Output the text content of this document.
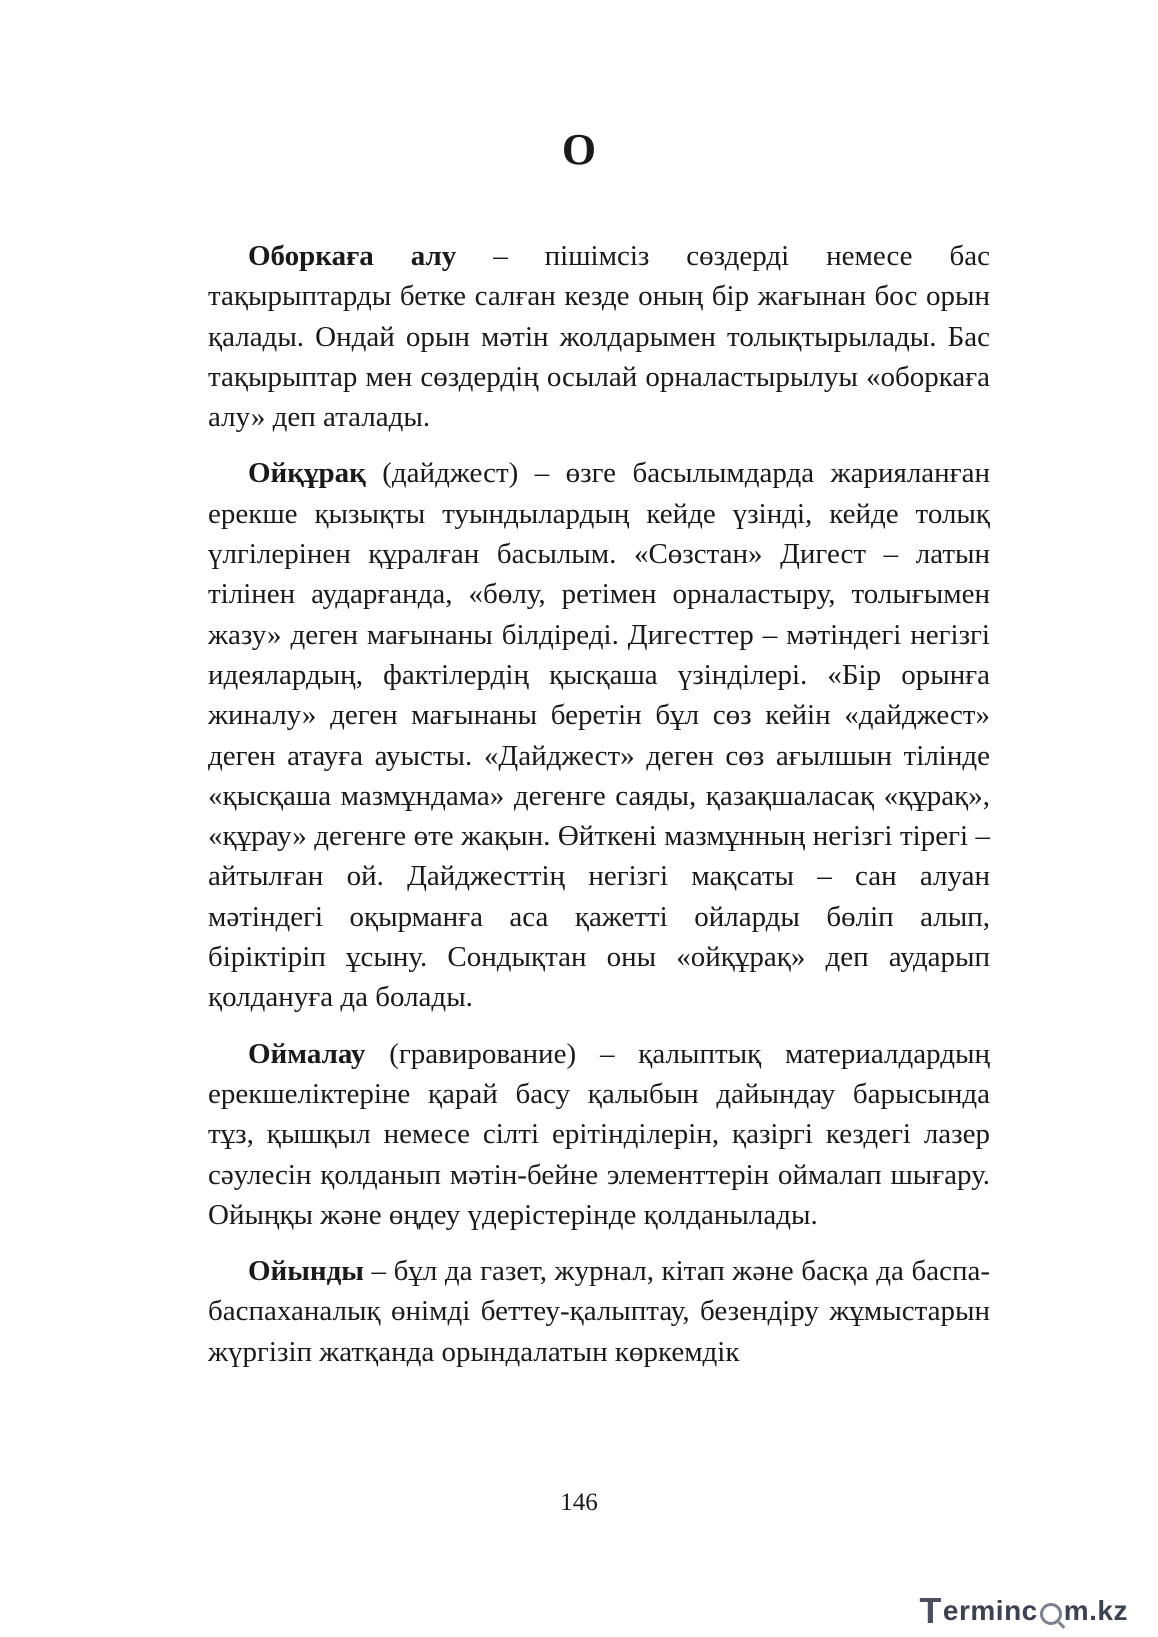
О

Оборкаға алу – пішімсіз сөздерді немесе бас тақырыптарды бетке салған кезде оның бір жағынан бос орын қалады. Ондай орын мәтін жолдарымен толықтырылады. Бас тақырыптар мен сөздердің осылай орналастырылуы «оборкаға алу» деп аталады.

Ойқұрақ (дайджест) – өзге басылымдарда жарияланған ерекше қызықты туындылардың кейде үзінді, кейде толық үлгілерінен құралған басылым. «Сөзстан» Дигест – латын тілінен аударғанда, «бөлу, ретімен орналастыру, толығымен жазу» деген мағынаны білдіреді. Дигесттер – мәтіндегі негізгі идеялардың, фактілердің қысқаша үзінділері. «Бір орынға жиналу» деген мағынаны беретін бұл сөз кейін «дайджест» деген атауға ауысты. «Дайджест» деген сөз ағылшын тілінде «қысқаша мазмұндама» дегенге саяды, қазақшаласақ «құрақ», «құрау» дегенге өте жақын. Өйткені мазмұнның негізгі тірегі – айтылған ой. Дайджесттің негізгі мақсаты – сан алуан мәтіндегі оқырманға аса қажетті ойларды бөліп алып, біріктіріп ұсыну. Сондықтан оны «ойқұрақ» деп аударып қолдануға да болады.

Оймалау (гравирование) – қалыптық материалдардың ерекшеліктеріне қарай басу қалыбын дайындау барысында тұз, қышқыл немесе сілті ерітінділерін, қазіргі кездегі лазер сәулесін қолданып мәтін-бейне элементтерін оймалап шығару. Ойыңқы және өңдеу үдерістерінде қолданылады.

Ойынды – бұл да газет, журнал, кітап және басқа да баспа-баспаханалық өнімді беттеу-қалыптау, безендіру жұмыстарын жүргізіп жатқанда орындалатын көркемдік

146
T erminc m.kz
